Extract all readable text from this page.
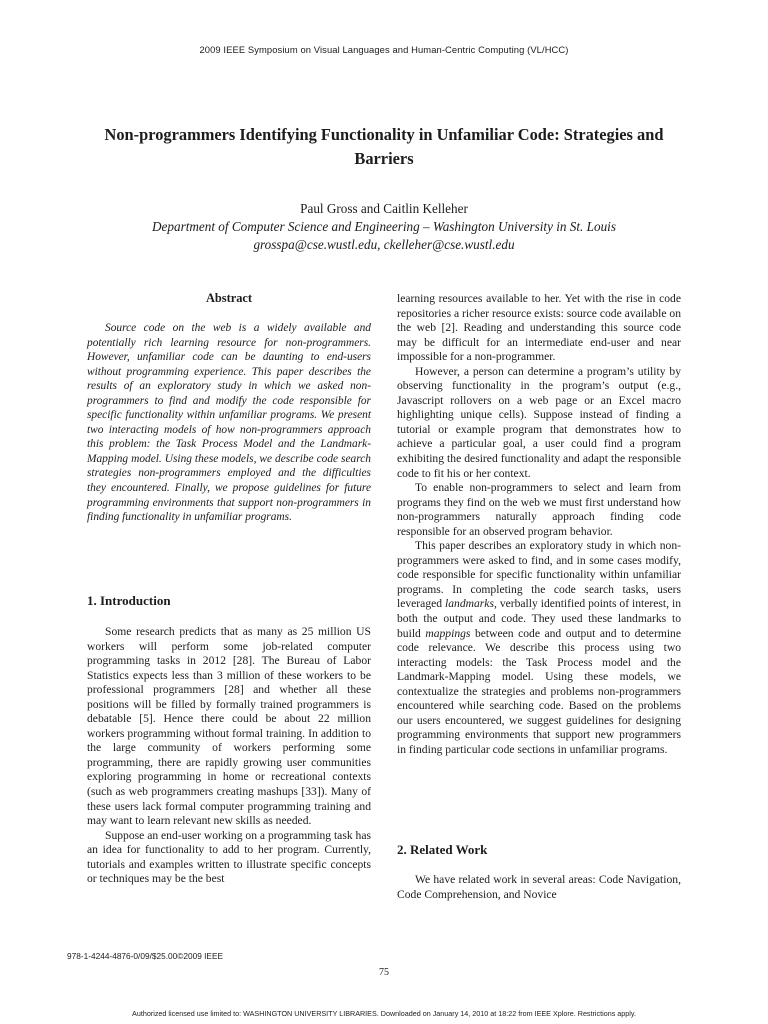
2009 IEEE Symposium on Visual Languages and Human-Centric Computing (VL/HCC)
Non-programmers Identifying Functionality in Unfamiliar Code: Strategies and Barriers
Paul Gross and Caitlin Kelleher
Department of Computer Science and Engineering – Washington University in St. Louis
grosspa@cse.wustl.edu, ckelleher@cse.wustl.edu
Abstract

Source code on the web is a widely available and potentially rich learning resource for non-programmers. However, unfamiliar code can be daunting to end-users without programming experience. This paper describes the results of an exploratory study in which we asked non-programmers to find and modify the code responsible for specific functionality within unfamiliar programs. We present two interacting models of how non-programmers approach this problem: the Task Process Model and the Landmark-Mapping model. Using these models, we describe code search strategies non-programmers employed and the difficulties they encountered. Finally, we propose guidelines for future programming environments that support non-programmers in finding functionality in unfamiliar programs.

1. Introduction

Some research predicts that as many as 25 million US workers will perform some job-related computer programming tasks in 2012 [28]. The Bureau of Labor Statistics expects less than 3 million of these workers to be professional programmers [28] and whether all these positions will be filled by formally trained programmers is debatable [5]. Hence there could be about 22 million workers programming without formal training. In addition to the large community of workers performing some programming, there are rapidly growing user communities exploring programming in home or recreational contexts (such as web programmers creating mashups [33]). Many of these users lack formal computer programming training and may want to learn relevant new skills as needed.

Suppose an end-user working on a programming task has an idea for functionality to add to her program. Currently, tutorials and examples written to illustrate specific concepts or techniques may be the best

learning resources available to her. Yet with the rise in code repositories a richer resource exists: source code available on the web [2]. Reading and understanding this source code may be difficult for an intermediate end-user and near impossible for a non-programmer.

However, a person can determine a program’s utility by observing functionality in the program’s output (e.g., Javascript rollovers on a web page or an Excel macro highlighting unique cells). Suppose instead of finding a tutorial or example program that demonstrates how to achieve a particular goal, a user could find a program exhibiting the desired functionality and adapt the responsible code to fit his or her context.

To enable non-programmers to select and learn from programs they find on the web we must first understand how non-programmers naturally approach finding code responsible for an observed program behavior.

This paper describes an exploratory study in which non-programmers were asked to find, and in some cases modify, code responsible for specific functionality within unfamiliar programs. In completing the code search tasks, users leveraged landmarks, verbally identified points of interest, in both the output and code. They used these landmarks to build mappings between code and output and to determine code relevance. We describe this process using two interacting models: the Task Process model and the Landmark-Mapping model. Using these models, we contextualize the strategies and problems non-programmers encountered while searching code. Based on the problems our users encountered, we suggest guidelines for designing programming environments that support new programmers in finding particular code sections in unfamiliar programs.

2. Related Work

We have related work in several areas: Code Navigation, Code Comprehension, and Novice

978-1-4244-4876-0/09/$25.00©2009 IEEE
75
Authorized licensed use limited to: WASHINGTON UNIVERSITY LIBRARIES. Downloaded on January 14, 2010 at 18:22 from IEEE Xplore. Restrictions apply.
